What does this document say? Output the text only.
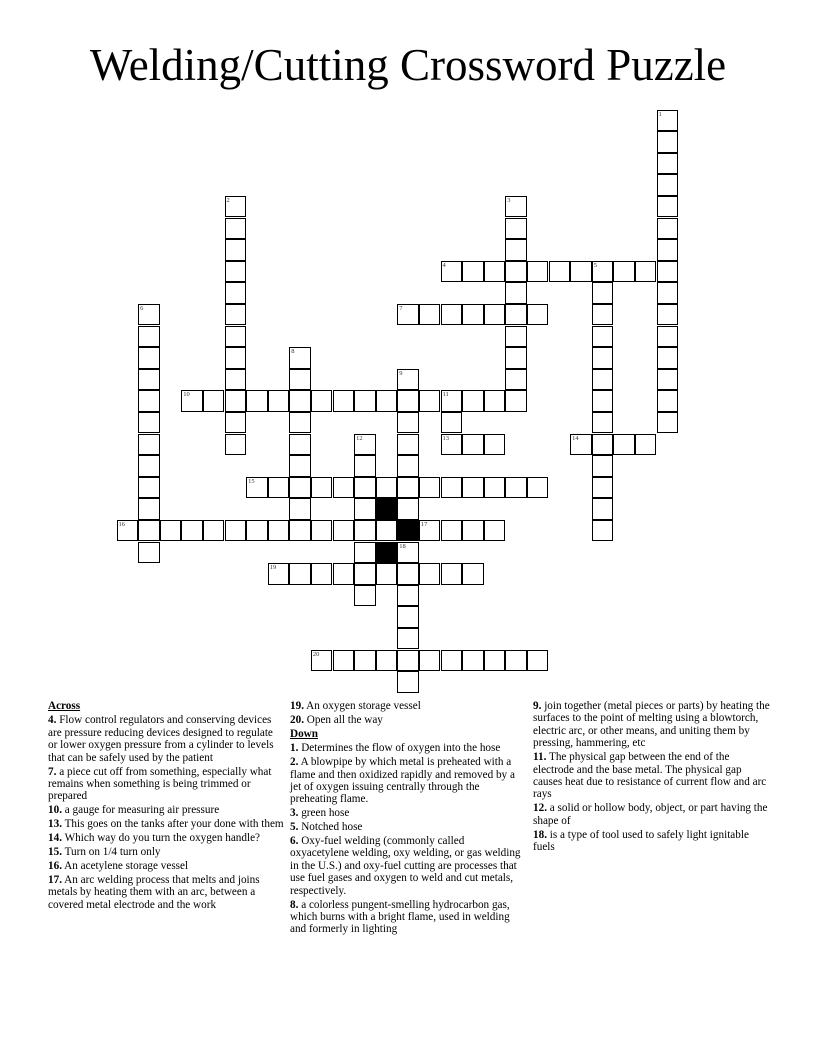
Welding/Cutting Crossword Puzzle
1
2	3
4	5
6	7
8
9
10	11
13
12	14
15
16	17
18
19
20
Across
4. Flow control regulators and conserving devices are pressure reducing devices designed to regulate or lower oxygen pressure from a cylinder to levels that can be safely used by the patient
7. a piece cut off from something, especially what remains when something is being trimmed or prepared
10. a gauge for measuring air pressure
13. This goes on the tanks after your done with them
14. Which way do you turn the oxygen handle?
15. Turn on 1/4 turn only
16. An acetylene storage vessel
17. An arc welding process that melts and joins metals by heating them with an arc, between a covered metal electrode and the work
19. An oxygen storage vessel
20. Open all the way
Down
1. Determines the flow of oxygen into the hose
2. A blowpipe by which metal is preheated with a flame and then oxidized rapidly and removed by a jet of oxygen issuing centrally through the preheating flame.
3. green hose
5. Notched hose
6. Oxy-fuel welding (commonly called oxyacetylene welding, oxy welding, or gas welding in the U.S.) and oxy-fuel cutting are processes that use fuel gases and oxygen to weld and cut metals, respectively.
8. a colorless pungent-smelling hydrocarbon gas, which burns with a bright flame, used in welding and formerly in lighting
9. join together (metal pieces or parts) by heating the surfaces to the point of melting using a blowtorch, electric arc, or other means, and uniting them by pressing, hammering, etc
11. The physical gap between the end of the electrode and the base metal. The physical gap causes heat due to resistance of current flow and arc rays
12. a solid or hollow body, object, or part having the shape of
18. is a type of tool used to safely light ignitable fuels
